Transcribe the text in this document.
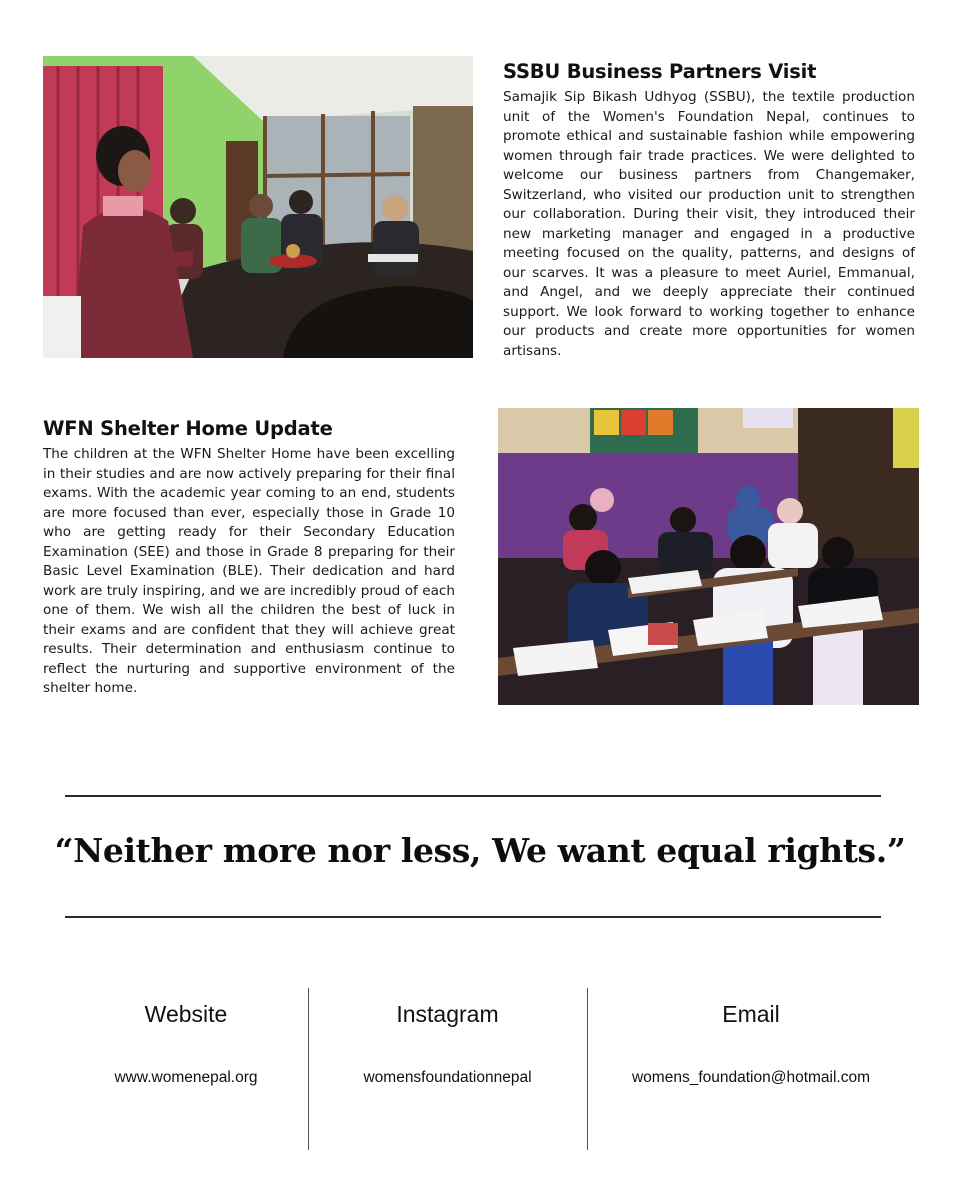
SSBU Business Partners Visit

Samajik Sip Bikash Udhyog (SSBU), the textile production unit of the Women's Foundation Nepal, continues to promote ethical and sustainable fashion while empowering women through fair trade practices. We were delighted to welcome our business partners from Changemaker, Switzerland, who visited our production unit to strengthen our collaboration. During their visit, they introduced their new marketing manager and engaged in a productive meeting focused on the quality, patterns, and designs of our scarves. It was a pleasure to meet Auriel, Emmanual, and Angel, and we deeply appreciate their continued support. We look forward to working together to enhance our products and create more opportunities for women artisans.

WFN Shelter Home Update

The children at the WFN Shelter Home have been excelling in their studies and are now actively preparing for their final exams. With the academic year coming to an end, students are more focused than ever, especially those in Grade 10 who are getting ready for their Secondary Education Examination (SEE) and those in Grade 8 preparing for their Basic Level Examination (BLE). Their dedication and hard work are truly inspiring, and we are incredibly proud of each one of them. We wish all the children the best of luck in their exams and are confident that they will achieve great results. Their determination and enthusiasm continue to reflect the nurturing and supportive environment of the shelter home.

“Neither more nor less, We want equal rights.”
Website
www.womenepal.org
Instagram
womensfoundationnepal
Email
womens_foundation@hotmail.com
